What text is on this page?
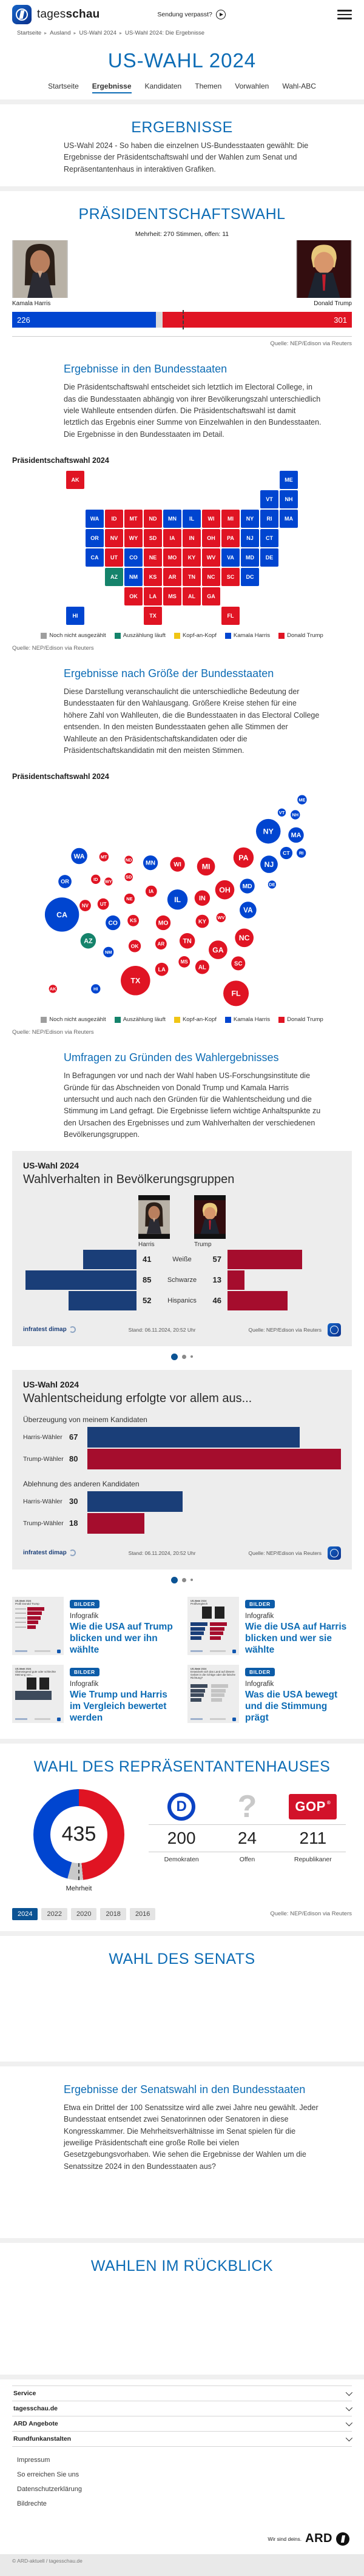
tagesschau	Sendung verpasst?
Startseite ▸ Ausland ▸ US-Wahl 2024 ▸ US-Wahl 2024: Die Ergebnisse
US-WAHL 2024
Startseite Ergebnisse Kandidaten Themen Vorwahlen Wahl-ABC
ERGEBNISSE

US-Wahl 2024 - So haben die einzelnen US-Bundesstaaten gewählt: Die Ergebnisse der Präsidentschaftswahl und der Wahlen zum Senat und Repräsentantenhaus in interaktiven Grafiken.

PRÄSIDENTSCHAFTSWAHL
Mehrheit: 270 Stimmen, offen: 11
Kamala Harris	Donald Trump
226	301
Quelle: NEP/Edison via Reuters
Ergebnisse in den Bundesstaaten

Die Präsidentschaftswahl entscheidet sich letztlich im Electoral College, in das die Bundesstaaten abhängig von ihrer Bevölkerungszahl unterschiedlich viele Wahlleute entsenden dürfen. Die Präsidentschaftswahl ist damit letztlich das Ergebnis einer Summe von Einzelwahlen in den Bundesstaaten. Die Ergebnisse in den Bundesstaaten im Detail.

Präsidentschaftswahl 2024
AK	ME
VT	NH
WA	ID	MT	ND	MN	IL	WI	MI	NY	RI	MA
OR	NV	WY	SD	IA	IN	OH	PA	NJ	CT
CA	UT	CO	NE	MO	KY	WV	VA	MD	DE
AZ	NM	KS	AR	TN	NC	SC	DC
OK	LA	MS	AL	GA
HI	TX	FL
Noch nicht ausgezählt	Auszählung läuft	Kopf-an-Kopf	Kamala Harris	Donald Trump
Quelle: NEP/Edison via Reuters
Ergebnisse nach Größe der Bundesstaaten

Diese Darstellung veranschaulicht die unterschiedliche Bedeutung der Bundesstaaten für den Wahlausgang. Größere Kreise stehen für eine höhere Zahl von Wahlleuten, die die Bundesstaaten in das Electoral College entsenden. In den meisten Bundesstaaten gehen alle Stimmen der Wahlleute an den Präsidentschaftskandidaten oder die Präsidentschaftskandidatin mit den meisten Stimmen.

Präsidentschaftswahl 2024
ME
VT NH
NY	MA
WA	MT
ND
MN	WI	MI
PA
NJ
CT	RI
OR	ID WY
SD
MD	DE
IA
IL	IN
OH
CA
NV	UT
NE
VA
CO	KS	MO	KY
WV
AZ
NM
OK	AR	TN	NC
GA
SC
MS
AL
LA
TX
FL
AK	HI
Noch nicht ausgezählt	Auszählung läuft	Kopf-an-Kopf	Kamala Harris	Donald Trump
Quelle: NEP/Edison via Reuters
Umfragen zu Gründen des Wahlergebnisses

In Befragungen vor und nach der Wahl haben US-Forschungsinstitute die Gründe für das Abschneiden von Donald Trump und Kamala Harris untersucht und auch nach den Gründen für die Wahlentscheidung und die Stimmung im Land gefragt. Die Ergebnisse liefern wichtige Anhaltspunkte zu den Ursachen des Ergebnisses und zum Wahlverhalten der verschiedenen Bevölkerungsgruppen.

US-Wahl 2024
Wahlverhalten in Bevölkerungsgruppen
Harris	Trump
41	Weiße	57
85	Schwarze	13
52	Hispanics	46
infratest dimap	Stand: 06.11.2024, 20:52 Uhr	Quelle: NEP/Edison via Reuters
US-Wahl 2024
Wahlentscheidung erfolgte vor allem aus...
Überzeugung von meinem Kandidaten
Harris-Wähler 67
Trump-Wähler 80
Ablehnung des anderen Kandidaten
Harris-Wähler 30
Trump-Wähler 18
infratest dimap	Stand: 06.11.2024, 20:52 Uhr	Quelle: NEP/Edison via Reuters
US-Wahl 2024
Profil Donald Trump	BILDER
Infografik
Wie die USA auf Trump blicken und wer ihn wählte
US-Wahl 2024
Profilvergleich	BILDER
Infografik
Wie die USA auf Harris blicken und wer sie wählte
US-Wahl 2024
Überwiegend gute oder schlechte Meinung von...	BILDER
Infografik
Wie Trump und Harris im Vergleich bewertet werden
US-Wahl 2024
Entwickelt sich das Land auf diesem Gebiet in die richtige oder die falsche Richtung?
BILDER
Infografik
Was die USA bewegt und die Stimmung prägt
WAHL DES REPRÄSENTANTENHAUSES
435
Mehrheit
D ?	GOP ®
200	24	211
Demokraten	Offen	Republikaner
2024	2022	2020	2018	2016	Quelle: NEP/Edison via Reuters
WAHL DES SENATS
Ergebnisse der Senatswahl in den Bundesstaaten

Etwa ein Drittel der 100 Senatssitze wird alle zwei Jahre neu gewählt. Jeder Bundesstaat entsendet zwei Senatorinnen oder Senatoren in diese Kongresskammer. Die Mehrheitsverhältnisse im Senat spielen für die jeweilige Präsidentschaft eine große Rolle bei vielen Gesetzgebungsvorhaben. Wie sehen die Ergebnisse der Wahlen um die Senatssitze 2024 in den Bundesstaaten aus?

WAHLEN IM RÜCKBLICK
Service
tagesschau.de
ARD Angebote
Rundfunkanstalten
Impressum
So erreichen Sie uns
Datenschutzerklärung
Bildrechte
Wir sind deins. ARD
© ARD-aktuell / tagesschau.de
